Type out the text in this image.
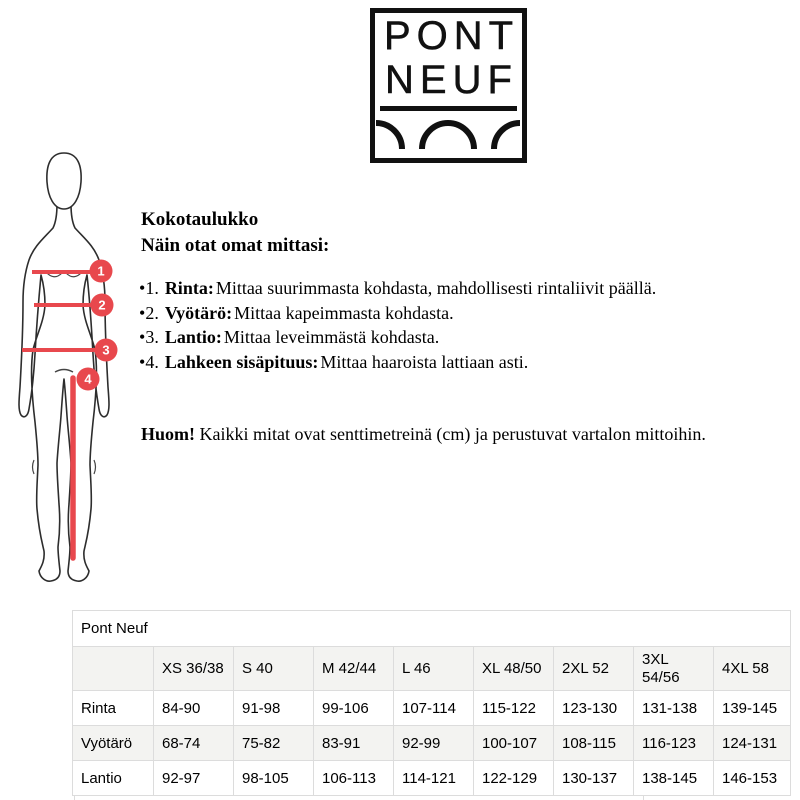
PONT
NEUF
1
2
3
4
Kokotaulukko
Näin otat omat mittasi:
•1. Rinta: Mittaa suurimmasta kohdasta, mahdollisesti rintaliivit päällä.
•2. Vyötärö: Mittaa kapeimmasta kohdasta.
•3. Lantio: Mittaa leveimmästä kohdasta.
•4. Lahkeen sisäpituus: Mittaa haaroista lattiaan asti.

Huom! Kaikki mitat ovat senttimetreinä (cm) ja perustuvat vartalon mittoihin.

Pont Neuf								
	XS 36/38	S 40	M 42/44	L 46	XL 48/50	2XL 52	3XL 54/56	4XL 58
Rinta	84-90	91-98	99-106	107-114	115-122	123-130	131-138	139-145
Vyötärö	68-74	75-82	83-91	92-99	100-107	108-115	116-123	124-131
Lantio	92-97	98-105	106-113	114-121	122-129	130-137	138-145	146-153
